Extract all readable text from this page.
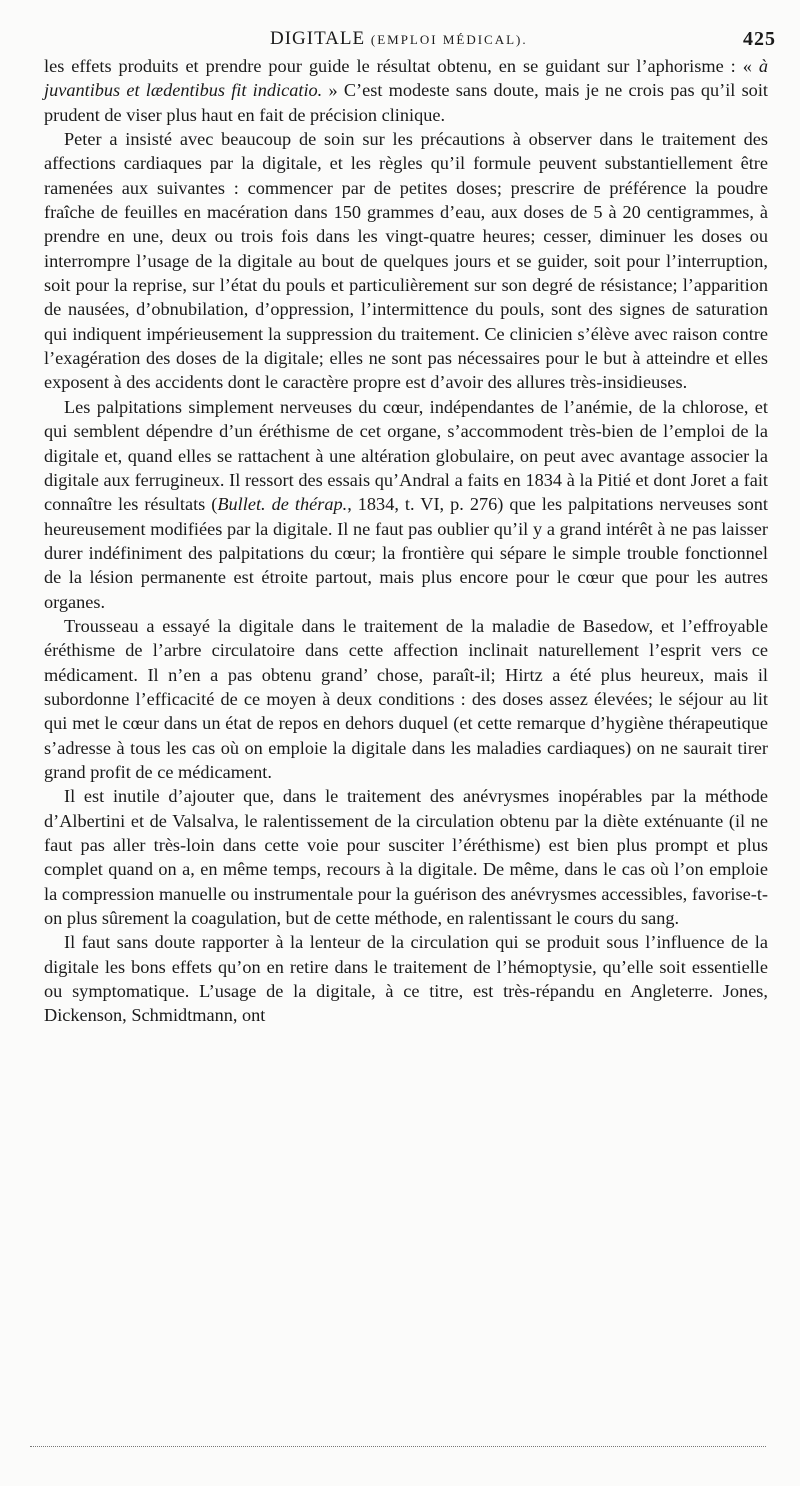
DIGITALE (EMPLOI MÉDICAL).	425

les effets produits et prendre pour guide le résultat obtenu, en se guidant sur l’aphorisme : « à juvantibus et lædentibus fit indicatio. » C’est modeste sans doute, mais je ne crois pas qu’il soit prudent de viser plus haut en fait de précision clinique.

Peter a insisté avec beaucoup de soin sur les précautions à observer dans le traitement des affections cardiaques par la digitale, et les règles qu’il formule peuvent substantiellement être ramenées aux suivantes : commencer par de petites doses; prescrire de préférence la poudre fraîche de feuilles en macération dans 150 grammes d’eau, aux doses de 5 à 20 centigrammes, à prendre en une, deux ou trois fois dans les vingt-quatre heures; cesser, diminuer les doses ou interrompre l’usage de la digitale au bout de quelques jours et se guider, soit pour l’interruption, soit pour la reprise, sur l’état du pouls et particulièrement sur son degré de résistance; l’apparition de nausées, d’obnubilation, d’oppression, l’intermittence du pouls, sont des signes de saturation qui indiquent impérieusement la suppression du traitement. Ce clinicien s’élève avec raison contre l’exagération des doses de la digitale; elles ne sont pas nécessaires pour le but à atteindre et elles exposent à des accidents dont le caractère propre est d’avoir des allures très-insidieuses.

Les palpitations simplement nerveuses du cœur, indépendantes de l’anémie, de la chlorose, et qui semblent dépendre d’un éréthisme de cet organe, s’accommodent très-bien de l’emploi de la digitale et, quand elles se rattachent à une altération globulaire, on peut avec avantage associer la digitale aux ferrugineux. Il ressort des essais qu’Andral a faits en 1834 à la Pitié et dont Joret a fait connaître les résultats (Bullet. de thérap., 1834, t. VI, p. 276) que les palpitations nerveuses sont heureusement modifiées par la digitale. Il ne faut pas oublier qu’il y a grand intérêt à ne pas laisser durer indéfiniment des palpitations du cœur; la frontière qui sépare le simple trouble fonctionnel de la lésion permanente est étroite partout, mais plus encore pour le cœur que pour les autres organes.

Trousseau a essayé la digitale dans le traitement de la maladie de Basedow, et l’effroyable éréthisme de l’arbre circulatoire dans cette affection inclinait naturellement l’esprit vers ce médicament. Il n’en a pas obtenu grand’ chose, paraît-il; Hirtz a été plus heureux, mais il subordonne l’efficacité de ce moyen à deux conditions : des doses assez élevées; le séjour au lit qui met le cœur dans un état de repos en dehors duquel (et cette remarque d’hygiène thérapeutique s’adresse à tous les cas où on emploie la digitale dans les maladies cardiaques) on ne saurait tirer grand profit de ce médicament.

Il est inutile d’ajouter que, dans le traitement des anévrysmes inopérables par la méthode d’Albertini et de Valsalva, le ralentissement de la circulation obtenu par la diète exténuante (il ne faut pas aller très-loin dans cette voie pour susciter l’éréthisme) est bien plus prompt et plus complet quand on a, en même temps, recours à la digitale. De même, dans le cas où l’on emploie la compression manuelle ou instrumentale pour la guérison des anévrysmes accessibles, favorise-t-on plus sûrement la coagulation, but de cette méthode, en ralentissant le cours du sang.

Il faut sans doute rapporter à la lenteur de la circulation qui se produit sous l’influence de la digitale les bons effets qu’on en retire dans le traitement de l’hémoptysie, qu’elle soit essentielle ou symptomatique. L’usage de la digitale, à ce titre, est très-répandu en Angleterre. Jones, Dickenson, Schmidtmann, ont
